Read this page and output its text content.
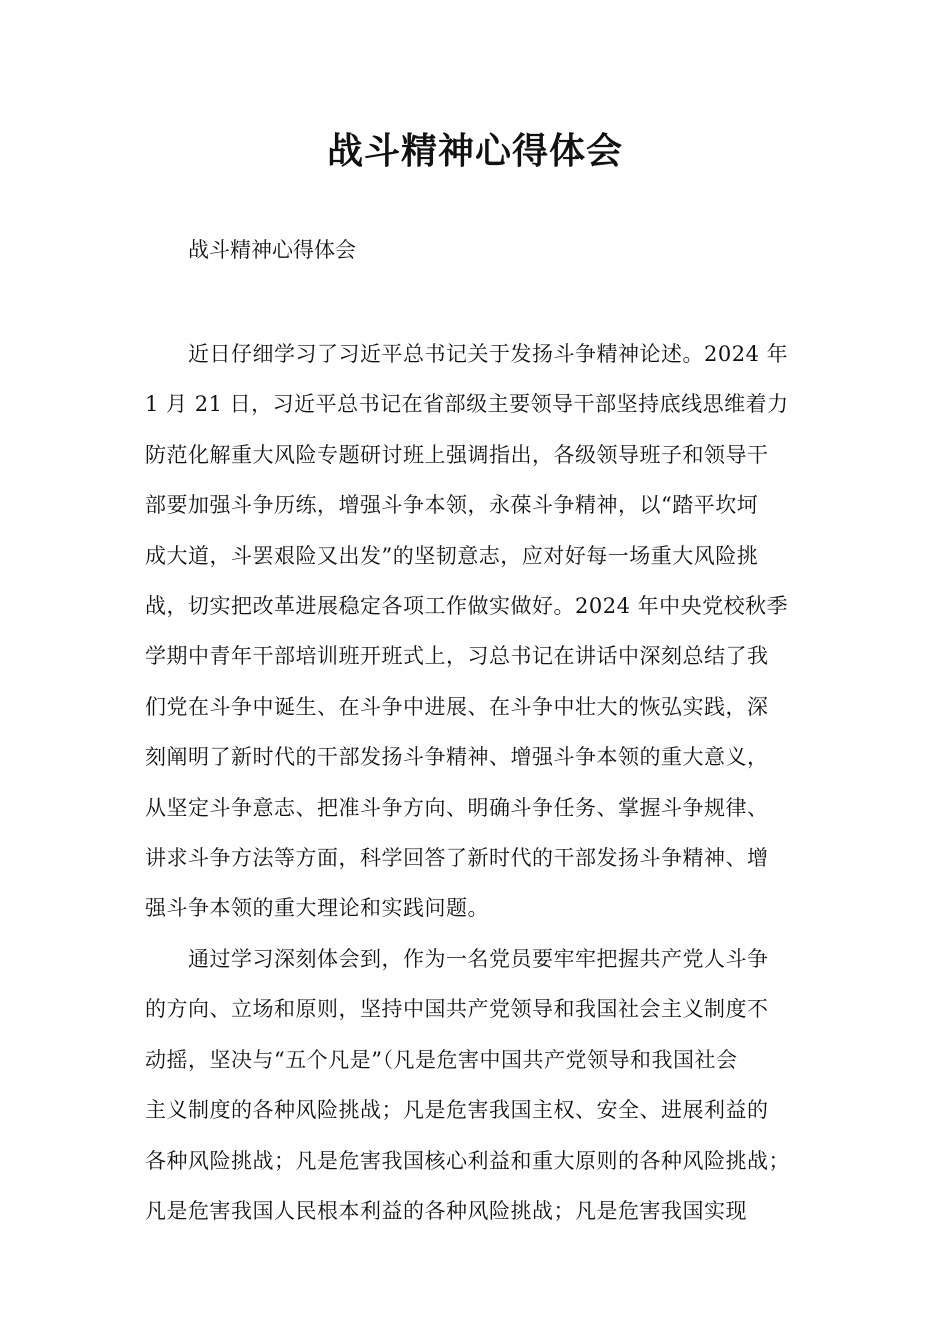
战斗精神心得体会

战斗精神心得体会

近日仔细学习了习近平总书记关于发扬斗争精神论述。2024 年
1 月 21 日，习近平总书记在省部级主要领导干部坚持底线思维着力
防范化解重大风险专题研讨班上强调指出，各级领导班子和领导干
部要加强斗争历练，增强斗争本领，永葆斗争精神，以“踏平坎坷
成大道，斗罢艰险又出发”的坚韧意志，应对好每一场重大风险挑
战，切实把改革进展稳定各项工作做实做好。2024 年中央党校秋季
学期中青年干部培训班开班式上，习总书记在讲话中深刻总结了我
们党在斗争中诞生、在斗争中进展、在斗争中壮大的恢弘实践，深
刻阐明了新时代的干部发扬斗争精神、增强斗争本领的重大意义，
从坚定斗争意志、把准斗争方向、明确斗争任务、掌握斗争规律、
讲求斗争方法等方面，科学回答了新时代的干部发扬斗争精神、增
强斗争本领的重大理论和实践问题。
通过学习深刻体会到，作为一名党员要牢牢把握共产党人斗争
的方向、立场和原则，坚持中国共产党领导和我国社会主义制度不
动摇，坚决与“五个凡是”（凡是危害中国共产党领导和我国社会
主义制度的各种风险挑战；凡是危害我国主权、安全、进展利益的
各种风险挑战；凡是危害我国核心利益和重大原则的各种风险挑战；
凡是危害我国人民根本利益的各种风险挑战；凡是危害我国实现
